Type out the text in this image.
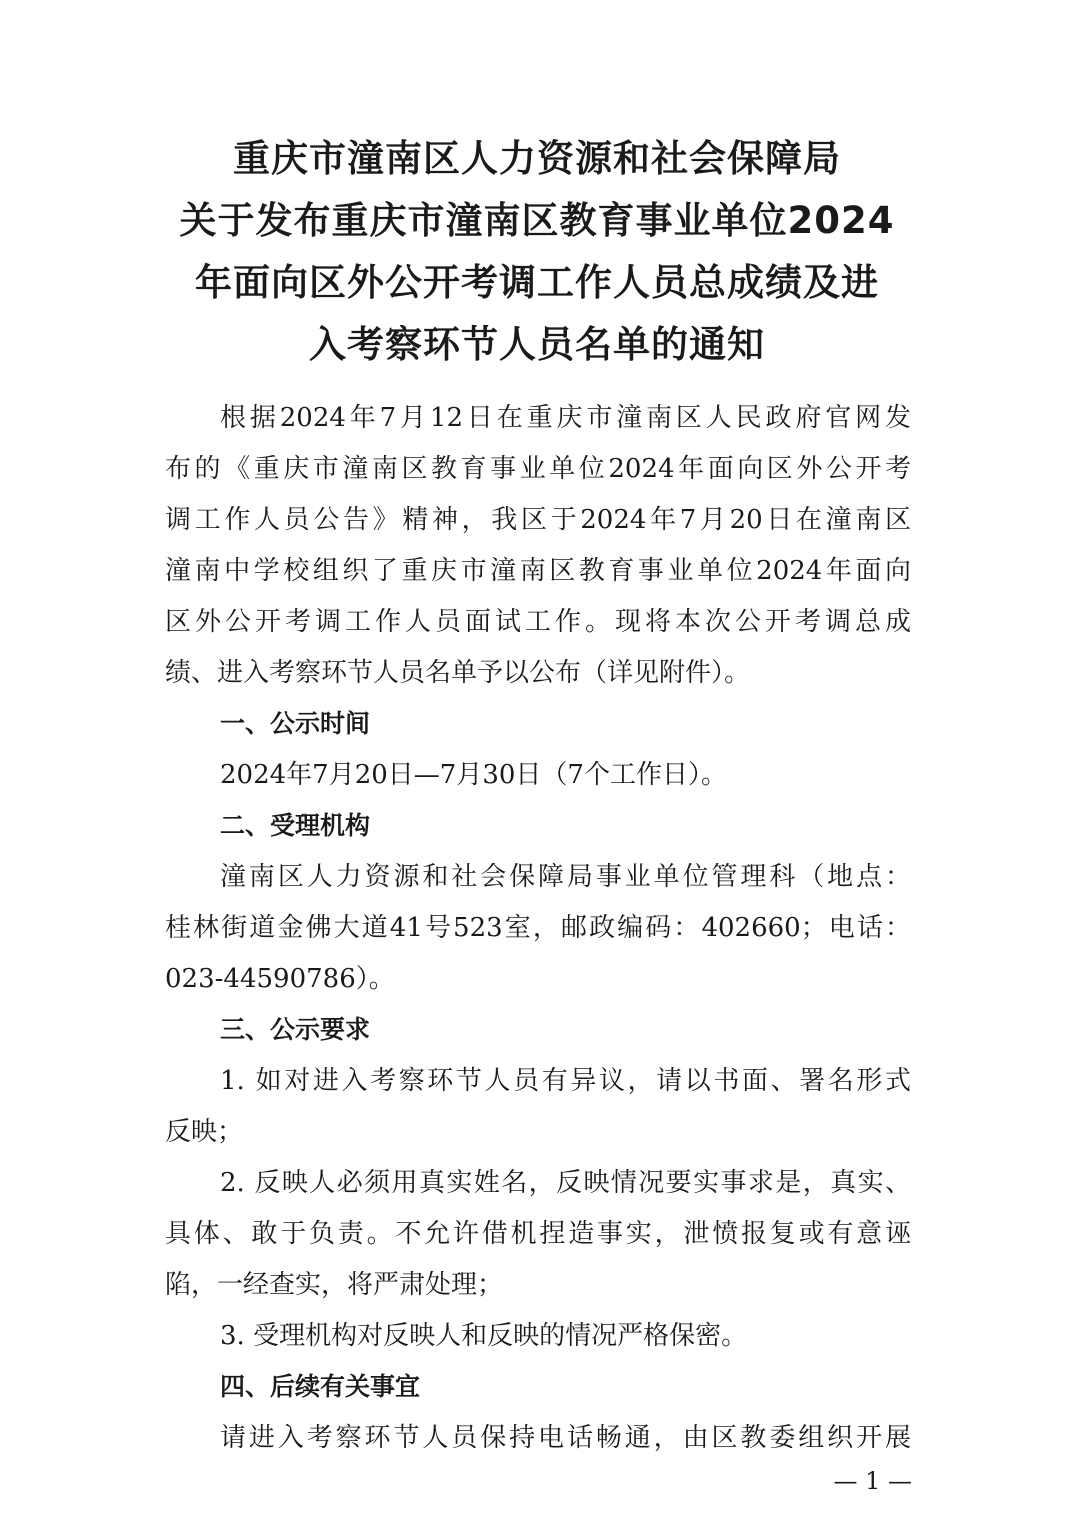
重庆市潼南区人力资源和社会保障局
关于发布重庆市潼南区教育事业单位2024
年面向区外公开考调工作人员总成绩及进
入考察环节人员名单的通知
根据2024年7月12日在重庆市潼南区人民政府官网发
布的《重庆市潼南区教育事业单位2024年面向区外公开考
调工作人员公告》精神，我区于2024年7月20日在潼南区
潼南中学校组织了重庆市潼南区教育事业单位2024年面向
区外公开考调工作人员面试工作。现将本次公开考调总成
绩、进入考察环节人员名单予以公布（详见附件）。
一、公示时间
2024年7月20日—7月30日（7个工作日）。
二、受理机构
潼南区人力资源和社会保障局事业单位管理科（地点：
桂林街道金佛大道41号523室，邮政编码：402660；电话：
023-44590786）。
三、公示要求
1. 如对进入考察环节人员有异议，请以书面、署名形式
反映；
2. 反映人必须用真实姓名，反映情况要实事求是，真实、
具体、敢于负责。不允许借机捏造事实，泄愤报复或有意诬
陷，一经查实，将严肃处理；
3. 受理机构对反映人和反映的情况严格保密。
四、后续有关事宜
请进入考察环节人员保持电话畅通，由区教委组织开展
— 1 —
